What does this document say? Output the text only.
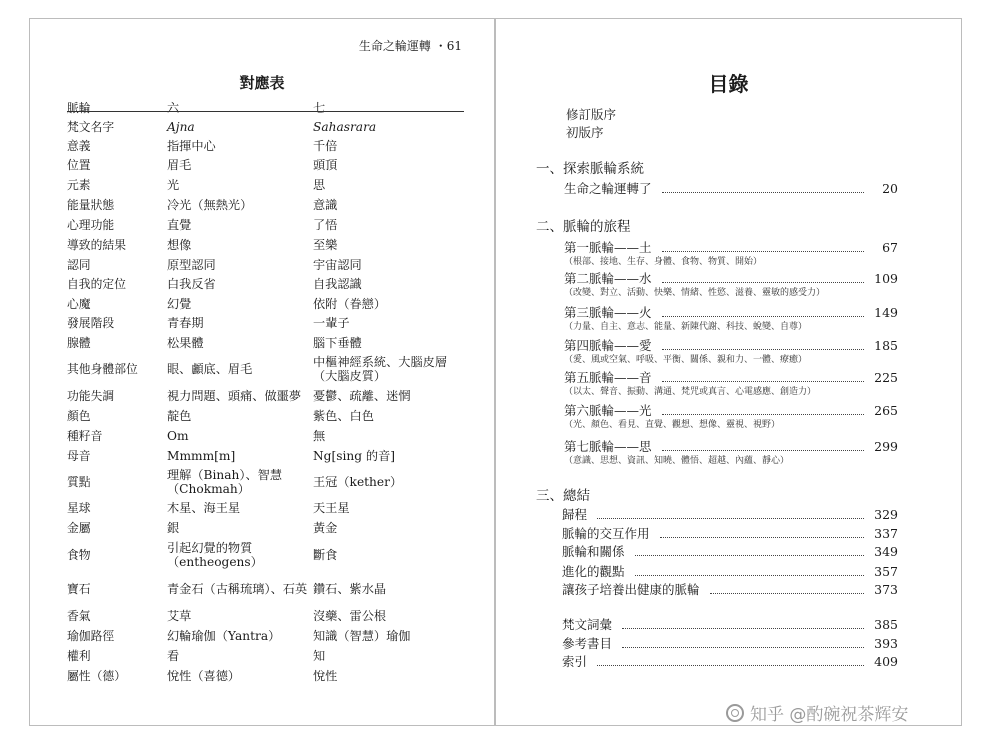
生命之輪運轉 ・61
對應表
脈輪	六	七
梵文名字	Ajna	Sahasrara
意義	指揮中心	千倍
位置	眉毛	頭頂
元素	光	思
能量狀態	冷光（無熱光）	意識
心理功能	直覺	了悟
導致的結果	想像	至樂
認同	原型認同	宇宙認同
自我的定位	白我反省	自我認識
心魔	幻覺	依附（眷戀）
發展階段	青春期	一輩子
腺體	松果體	腦下垂體
其他身體部位	眼、顱底、眉毛	中樞神經系統、大腦皮層（大腦皮質）
功能失調	視力問題、頭痛、做噩夢	憂鬱、疏離、迷惘
顏色	靛色	紫色、白色
種籽音	Om	無
母音	Mmmm[m]	Ng[sing 的音]
質點	理解（Binah）、智慧（Chokmah）	王冠（kether）
星球	木星、海王星	天王星
金屬	銀	黃金
食物	引起幻覺的物質（entheogens）	斷食
寶石	青金石（古稱琉璃）、石英	鑽石、紫水晶
香氣	艾草	沒藥、雷公根
瑜伽路徑	幻輪瑜伽（Yantra）	知識（智慧）瑜伽
權利	看	知
屬性（德）	悅性（喜德）	悅性
目錄
修訂版序
初版序
一、探索脈輪系統
生命之輪運轉了	20
二、脈輪的旅程
第一脈輪——土	67
（根部、接地、生存、身體、食物、物質、開始）
第二脈輪——水	109
（改變、對立、活動、快樂、情緒、性慾、滋養、靈敏的感受力）
第三脈輪——火	149
（力量、自主、意志、能量、新陳代謝、科技、蛻變、自尊）
第四脈輪——愛	185
（愛、風或空氣、呼吸、平衡、關係、親和力、一體、療癒）
第五脈輪——音	225
（以太、聲音、振動、溝通、梵咒或真言、心電感應、創造力）
第六脈輪——光	265
（光、顏色、看見、直覺、觀想、想像、靈視、視野）
第七脈輪——思	299
（意識、思想、資訊、知曉、體悟、超越、內蘊、靜心）
三、總結
歸程	329
脈輪的交互作用	337
脈輪和關係	349
進化的觀點	357
讓孩子培養出健康的脈輪	373
梵文詞彙	385
參考書目	393
索引	409
知乎 @酌碗祝茶辉安
